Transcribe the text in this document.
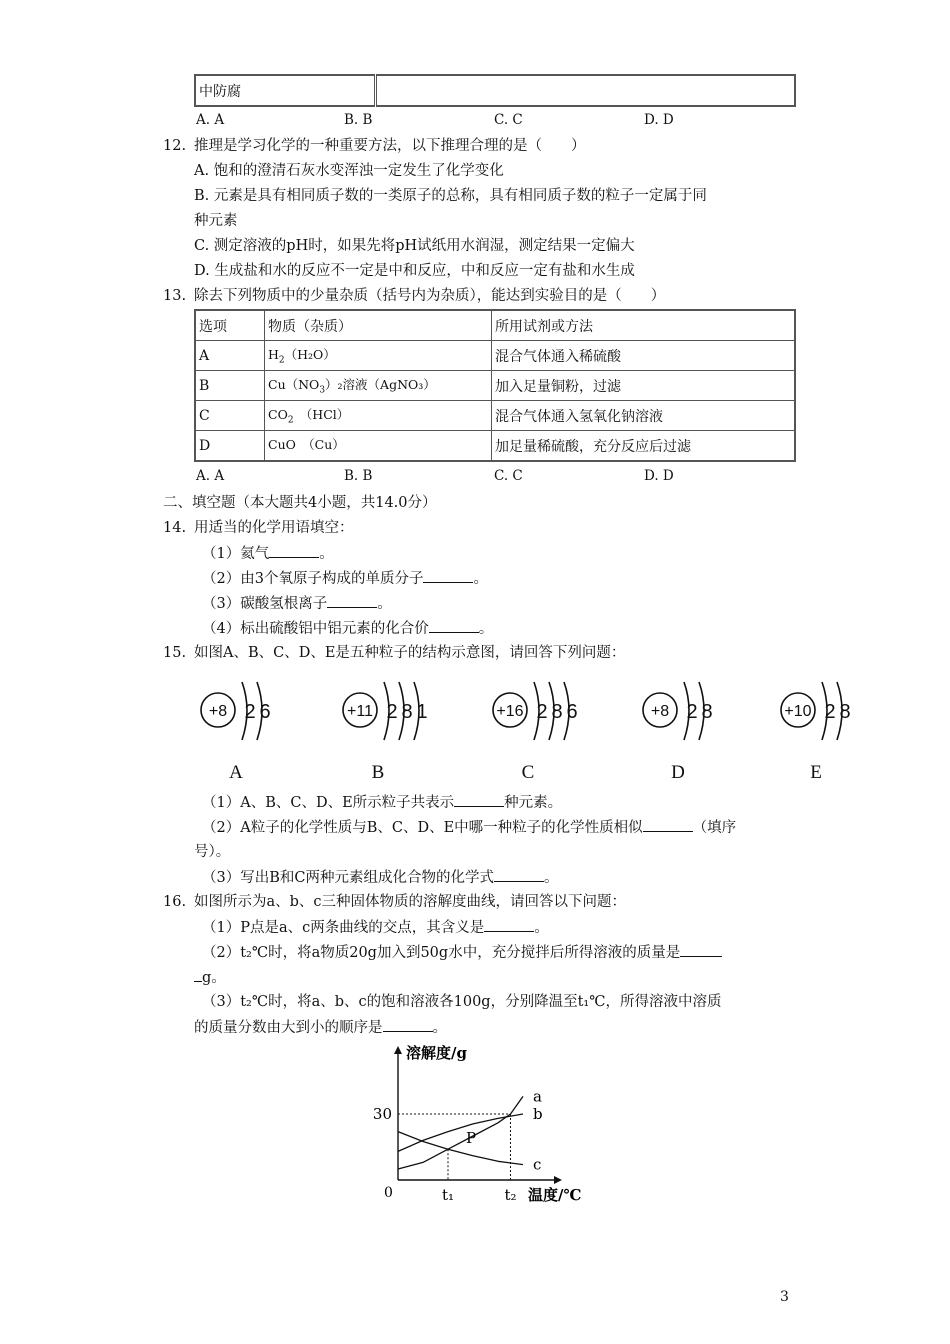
中防腐	
A. A	B. B	C. C	D. D
12. 推理是学习化学的一种重要方法，以下推理合理的是（　　）
A. 饱和的澄清石灰水变浑浊一定发生了化学变化
B. 元素是具有相同质子数的一类原子的总称，具有相同质子数的粒子一定属于同
种元素
C. 测定溶液的pH时，如果先将pH试纸用水润湿，测定结果一定偏大
D. 生成盐和水的反应不一定是中和反应，中和反应一定有盐和水生成
13. 除去下列物质中的少量杂质（括号内为杂质），能达到实验目的是（　　）
选项	物质（杂质）	所用试剂或方法
A	$H_2(H_2O)$	混合气体通入稀硫酸
B	$Cu(NO_3)_2$溶液（AgNO₃）	加入足量铜粉，过滤
C	$CO_2$　（HCl）	混合气体通入氢氧化钠溶液
D	CuO　（Cu）	加足量稀硫酸，充分反应后过滤
A. A	B. B	C. C	D. D
二、填空题（本大题共4小题，共14.0分）
14. 用适当的化学用语填空：
（1）氦气	。
（2）由3个氧原子构成的单质分子	。
（3）碳酸氢根离子	。
（4）标出硫酸铝中铝元素的化合价	。
15. 如图A、B、C、D、E是五种粒子的结构示意图，请回答下列问题：
+8 2 6
A
+11 2 8 1
B
+16 2 8 6
C
+8 2 8
D
+10 2 8
E
（1）A、B、C、D、E所示粒子共表示	种元素。
（2）A粒子的化学性质与B、C、D、E中哪一种粒子的化学性质相似	（填序
号）。
（3）写出B和C两种元素组成化合物的化学式	。
16. 如图所示为a、b、c三种固体物质的溶解度曲线，请回答以下问题：
（1）P点是a、c两条曲线的交点，其含义是	。
（2）t₂℃时，将a物质20g加入到50g水中，充分搅拌后所得溶液的质量是
g。
（3）t₂℃时，将a、b、c的饱和溶液各100g，分别降温至t₁℃，所得溶液中溶质
的质量分数由大到小的顺序是	。
溶解度/g
温度/℃
0
30
t₁	t₂
a
b
c
P
3
